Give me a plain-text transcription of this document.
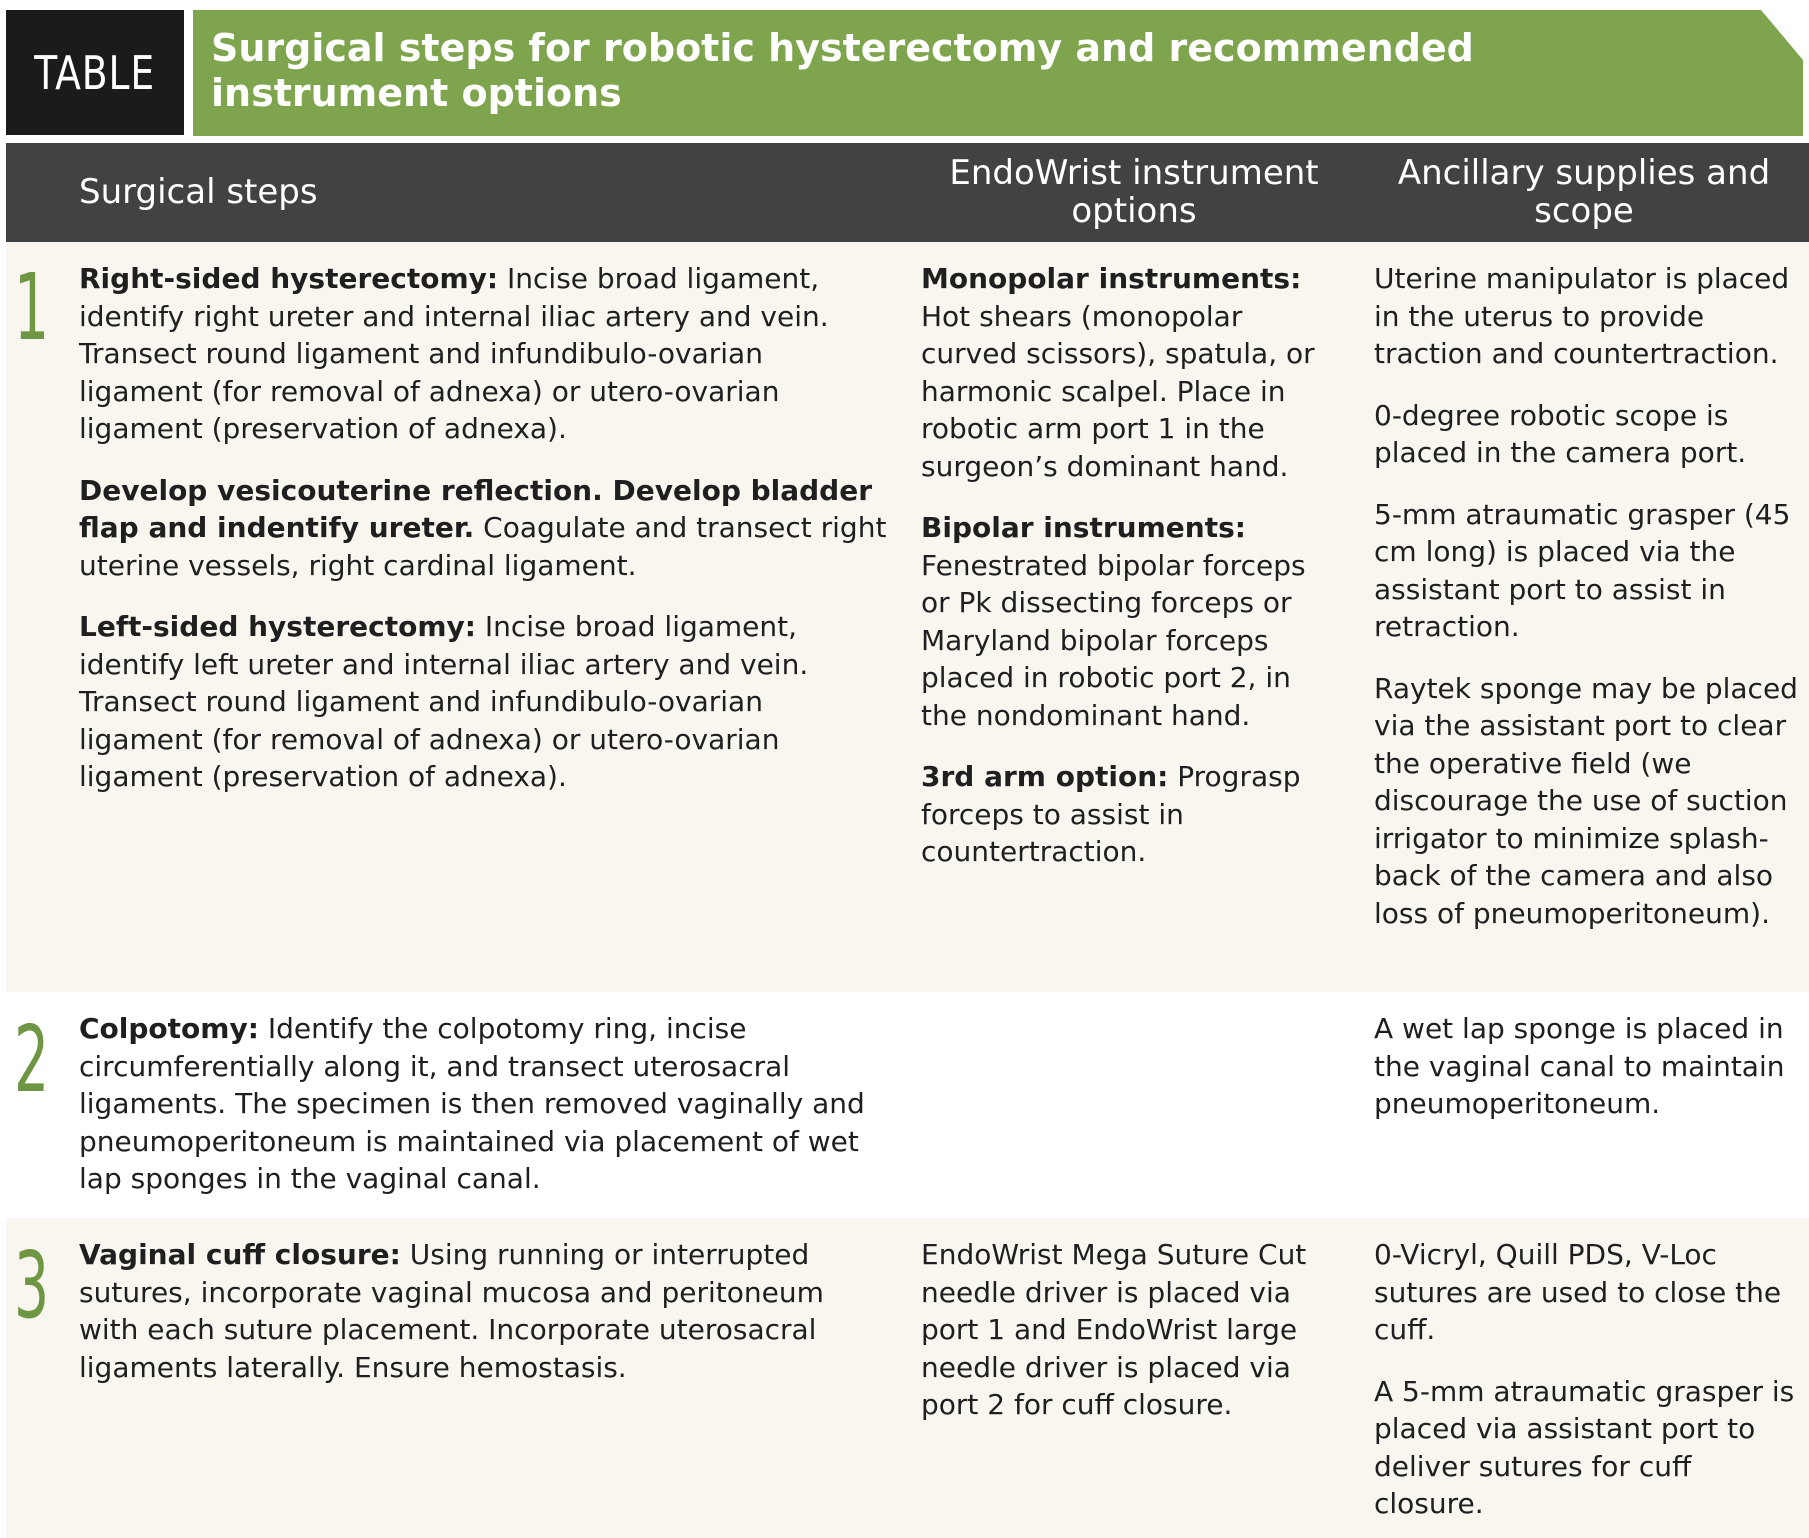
TABLE Surgical steps for robotic hysterectomy and recommended instrument options
Surgical steps	EndoWrist instrument options
Ancillary supplies and scope
1 Right-sided hysterectomy: Incise broad ligament, identify right ureter and internal iliac artery and vein. Transect round ligament and infundibulo-ovarian ligament (for removal of adnexa) or utero-ovarian ligament (preservation of adnexa).

Develop vesicouterine reflection. Develop bladder flap and indentify ureter. Coagulate and transect right uterine vessels, right cardinal ligament.

Left-sided hysterectomy: Incise broad ligament, identify left ureter and internal iliac artery and vein. Transect round ligament and infundibulo-ovarian ligament (for removal of adnexa) or utero-ovarian ligament (preservation of adnexa).

Monopolar instruments: Hot shears (monopolar curved scissors), spatula, or harmonic scalpel. Place in robotic arm port 1 in the surgeon’s dominant hand.

Bipolar instruments: Fenestrated bipolar forceps or Pk dissecting forceps or Maryland bipolar forceps placed in robotic port 2, in the nondominant hand.

3rd arm option: Prograsp forceps to assist in countertraction.

Uterine manipulator is placed in the uterus to provide traction and countertraction.

0-degree robotic scope is placed in the camera port.

5-mm atraumatic grasper (45 cm long) is placed via the assistant port to assist in retraction.

Raytek sponge may be placed via the assistant port to clear the operative field (we discourage the use of suction irrigator to minimize splash-back of the camera and also loss of pneumoperitoneum).

2 Colpotomy: Identify the colpotomy ring, incise circumferentially along it, and transect uterosacral ligaments. The specimen is then removed vaginally and pneumoperitoneum is maintained via placement of wet lap sponges in the vaginal canal.

A wet lap sponge is placed in the vaginal canal to maintain pneumoperitoneum.

3 Vaginal cuff closure: Using running or interrupted sutures, incorporate vaginal mucosa and peritoneum with each suture placement. Incorporate uterosacral ligaments laterally. Ensure hemostasis.

EndoWrist Mega Suture Cut needle driver is placed via port 1 and EndoWrist large needle driver is placed via port 2 for cuff closure.

0-Vicryl, Quill PDS, V-Loc sutures are used to close the cuff.

A 5-mm atraumatic grasper is placed via assistant port to deliver sutures for cuff closure.
